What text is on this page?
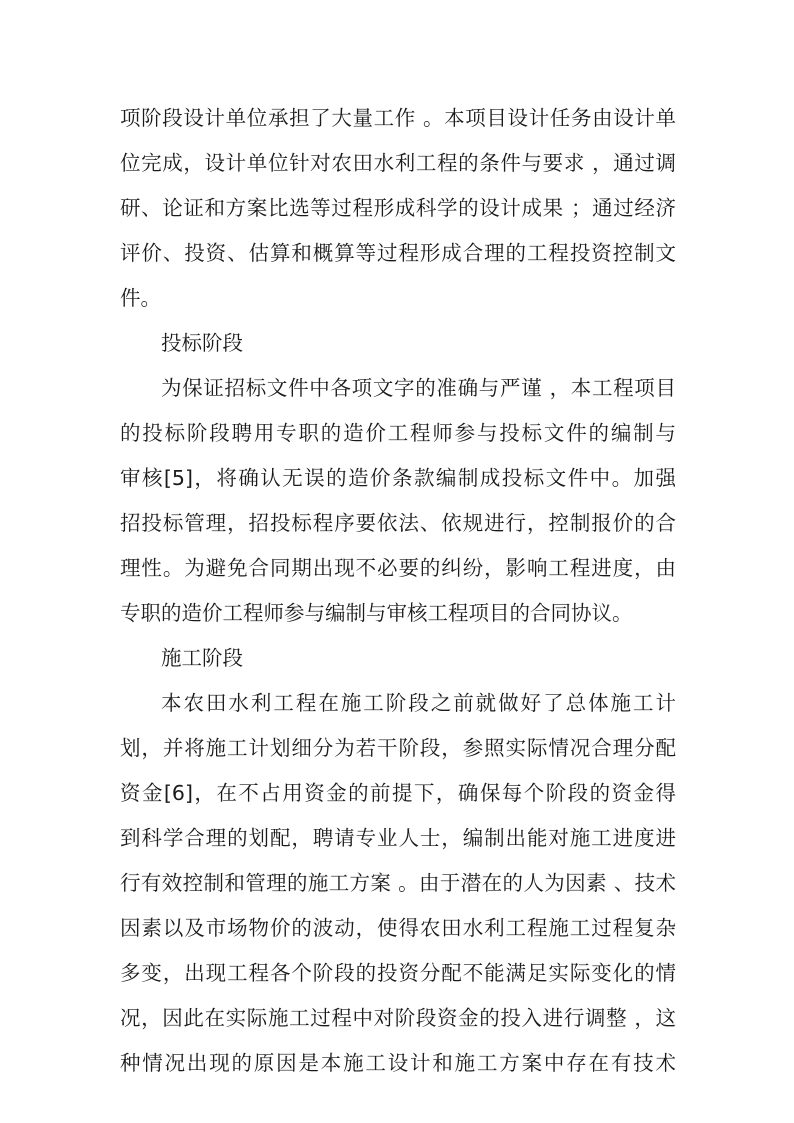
项阶段设计单位承担了大量工作 。本项目设计任务由设计单
位完成，设计单位针对农田水利工程的条件与要求 ，通过调
研、论证和方案比选等过程形成科学的设计成果 ；通过经济
评价、投资、估算和概算等过程形成合理的工程投资控制文
件。
投标阶段
为保证招标文件中各项文字的准确与严谨 ，本工程项目
的投标阶段聘用专职的造价工程师参与投标文件的编制与
审核[5]，将确认无误的造价条款编制成投标文件中。加强
招投标管理，招投标程序要依法、依规进行，控制报价的合
理性。为避免合同期出现不必要的纠纷，影响工程进度，由
专职的造价工程师参与编制与审核工程项目的合同协议。
施工阶段
本农田水利工程在施工阶段之前就做好了总体施工计
划，并将施工计划细分为若干阶段，参照实际情况合理分配
资金[6]，在不占用资金的前提下，确保每个阶段的资金得
到科学合理的划配，聘请专业人士，编制出能对施工进度进
行有效控制和管理的施工方案 。由于潜在的人为因素 、技术
因素以及市场物价的波动，使得农田水利工程施工过程复杂
多变，出现工程各个阶段的投资分配不能满足实际变化的情
况，因此在实际施工过程中对阶段资金的投入进行调整 ，这
种情况出现的原因是本施工设计和施工方案中存在有技术
